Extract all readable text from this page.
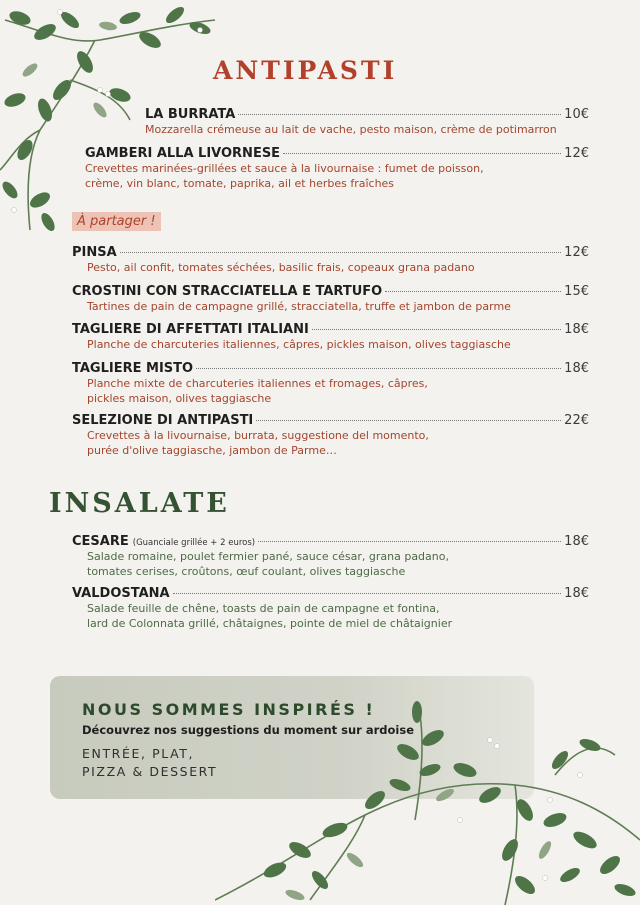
ANTIPASTI
LA BURRATA	10€
Mozzarella crémeuse au lait de vache, pesto maison, crème de potimarron
GAMBERI ALLA LIVORNESE	12€
Crevettes marinées-grillées et sauce à la livournaise : fumet de poisson,
crème, vin blanc, tomate, paprika, ail et herbes fraîches
À partager !
PINSA	12€
Pesto, ail confit, tomates séchées, basilic frais, copeaux grana padano
CROSTINI CON STRACCIATELLA E TARTUFO	15€
Tartines de pain de campagne grillé, stracciatella, truffe et jambon de parme
TAGLIERE DI AFFETTATI ITALIANI	18€
Planche de charcuteries italiennes, câpres, pickles maison, olives taggiasche
TAGLIERE MISTO	18€
Planche mixte de charcuteries italiennes et fromages, câpres,
pickles maison, olives taggiasche
SELEZIONE DI ANTIPASTI	22€
Crevettes à la livournaise, burrata, suggestione del momento,
purée d'olive taggiasche, jambon de Parme…
INSALATE
CESARE (Guanciale grillée + 2 euros)	18€
Salade romaine, poulet fermier pané, sauce césar, grana padano,
tomates cerises, croûtons, œuf coulant, olives taggiasche
VALDOSTANA	18€
Salade feuille de chêne, toasts de pain de campagne et fontina,
lard de Colonnata grillé, châtaignes, pointe de miel de châtaignier
NOUS SOMMES INSPIRÉS !
Découvrez nos suggestions du moment sur ardoise
ENTRÉE, PLAT,
PIZZA & DESSERT
